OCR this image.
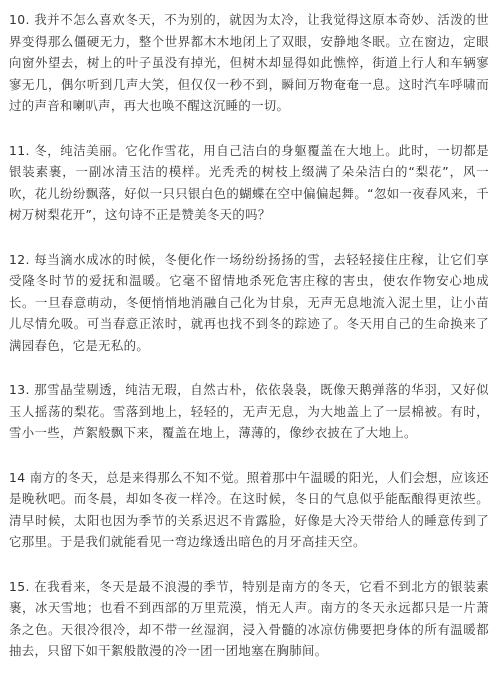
10. 我并不怎么喜欢冬天，不为别的，就因为太冷，让我觉得这原本奇妙、活泼的世界变得那么僵硬无力，整个世界都木木地闭上了双眼，安静地冬眠。立在窗边，定眼向窗外望去，树上的叶子虽没有掉光，但树木却显得如此憔悴，街道上行人和车辆寥寥无几，偶尔听到几声大笑，但仅仅一秒不到，瞬间万物奄奄一息。这时汽车呼啸而过的声音和喇叭声，再大也唤不醒这沉睡的一切。

11. 冬，纯洁美丽。它化作雪花，用自己洁白的身躯覆盖在大地上。此时，一切都是银装素裹，一副冰清玉洁的模样。光秃秃的树枝上缀满了朵朵洁白的“梨花”，风一吹，花儿纷纷飘落，好似一只只银白色的蝴蝶在空中偏偏起舞。“忽如一夜春风来，千树万树梨花开”，这句诗不正是赞美冬天的吗？

12. 每当滴水成冰的时候，冬便化作一场纷纷扬扬的雪，去轻轻接住庄稼，让它们享受隆冬时节的爱抚和温暖。它毫不留情地杀死危害庄稼的害虫，使农作物安心地成长。一旦春意萌动，冬便悄悄地消融自己化为甘泉，无声无息地流入泥土里，让小苗儿尽情允吸。可当春意正浓时，就再也找不到冬的踪迹了。冬天用自己的生命换来了满园春色，它是无私的。

13. 那雪晶莹剔透，纯洁无瑕，自然古朴，依依袅袅，既像天鹅弹落的华羽，又好似玉人摇荡的梨花。雪落到地上，轻轻的，无声无息，为大地盖上了一层棉被。有时，雪小一些，芦絮般飘下来，覆盖在地上，薄薄的，像纱衣披在了大地上。

14 南方的冬天，总是来得那么不知不觉。照着那中午温暖的阳光，人们会想，应该还是晚秋吧。而冬晨，却如冬夜一样冷。在这时候，冬日的气息似乎能酝酿得更浓些。清早时候，太阳也因为季节的关系迟迟不肯露脸，好像是大冷天带给人的睡意传到了它那里。于是我们就能看见一弯边缘透出暗色的月牙高挂天空。

15. 在我看来，冬天是最不浪漫的季节，特别是南方的冬天，它看不到北方的银装素裹，冰天雪地；也看不到西部的万里荒漠，悄无人声。南方的冬天永远都只是一片萧条之色。天很冷很冷，却不带一丝湿润，浸入骨髓的冰凉仿佛要把身体的所有温暖都抽去，只留下如干絮般散漫的冷一团一团地塞在胸肺间。
